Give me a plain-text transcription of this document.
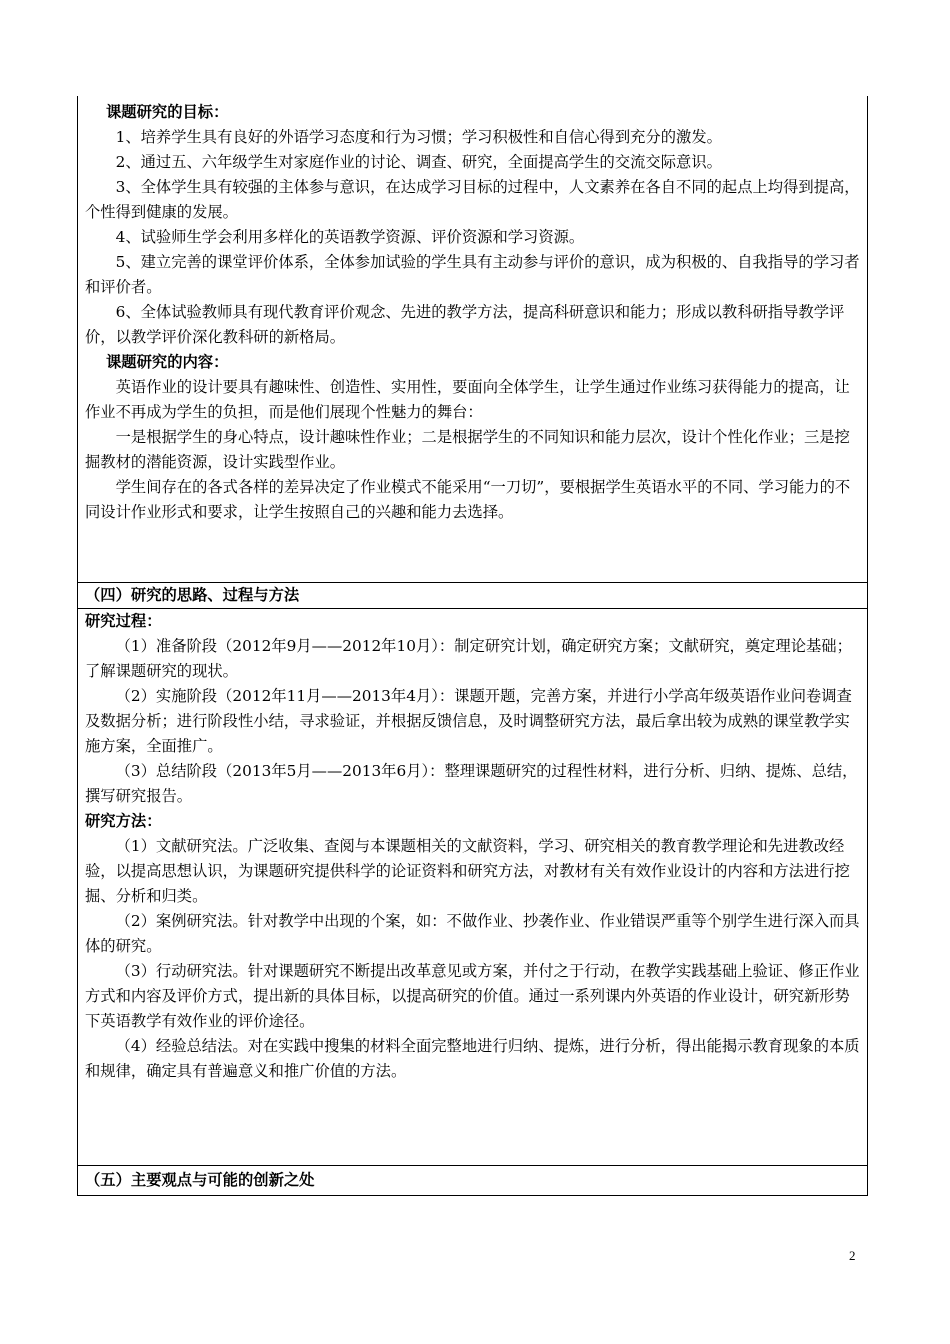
课题研究的目标：

1、培养学生具有良好的外语学习态度和行为习惯；学习积极性和自信心得到充分的激发。

2、通过五、六年级学生对家庭作业的讨论、调查、研究，全面提高学生的交流交际意识。

3、全体学生具有较强的主体参与意识，在达成学习目标的过程中，人文素养在各自不同的起点上均得到提高，个性得到健康的发展。

4、试验师生学会利用多样化的英语教学资源、评价资源和学习资源。

5、建立完善的课堂评价体系，全体参加试验的学生具有主动参与评价的意识，成为积极的、自我指导的学习者和评价者。

6、全体试验教师具有现代教育评价观念、先进的教学方法，提高科研意识和能力；形成以教科研指导教学评价，以教学评价深化教科研的新格局。

课题研究的内容：

英语作业的设计要具有趣味性、创造性、实用性，要面向全体学生，让学生通过作业练习获得能力的提高，让作业不再成为学生的负担，而是他们展现个性魅力的舞台：

一是根据学生的身心特点，设计趣味性作业；二是根据学生的不同知识和能力层次，设计个性化作业；三是挖掘教材的潜能资源，设计实践型作业。

学生间存在的各式各样的差异决定了作业模式不能采用“一刀切”，要根据学生英语水平的不同、学习能力的不同设计作业形式和要求，让学生按照自己的兴趣和能力去选择。

（四）研究的思路、过程与方法

研究过程：

（1）准备阶段（2012年9月——2012年10月）：制定研究计划，确定研究方案；文献研究，奠定理论基础；了解课题研究的现状。

（2）实施阶段（2012年11月——2013年4月）：课题开题，完善方案，并进行小学高年级英语作业问卷调查及数据分析；进行阶段性小结，寻求验证，并根据反馈信息，及时调整研究方法，最后拿出较为成熟的课堂教学实施方案，全面推广。

（3）总结阶段（2013年5月——2013年6月）：整理课题研究的过程性材料，进行分析、归纳、提炼、总结，撰写研究报告。

研究方法：

（1）文献研究法。广泛收集、查阅与本课题相关的文献资料，学习、研究相关的教育教学理论和先进教改经验，以提高思想认识，为课题研究提供科学的论证资料和研究方法，对教材有关有效作业设计的内容和方法进行挖掘、分析和归类。

（2）案例研究法。针对教学中出现的个案，如：不做作业、抄袭作业、作业错误严重等个别学生进行深入而具体的研究。

（3）行动研究法。针对课题研究不断提出改革意见或方案，并付之于行动，在教学实践基础上验证、修正作业方式和内容及评价方式，提出新的具体目标，以提高研究的价值。通过一系列课内外英语的作业设计，研究新形势下英语教学有效作业的评价途径。

（4）经验总结法。对在实践中搜集的材料全面完整地进行归纳、提炼，进行分析，得出能揭示教育现象的本质和规律，确定具有普遍意义和推广价值的方法。

（五）主要观点与可能的创新之处
2
